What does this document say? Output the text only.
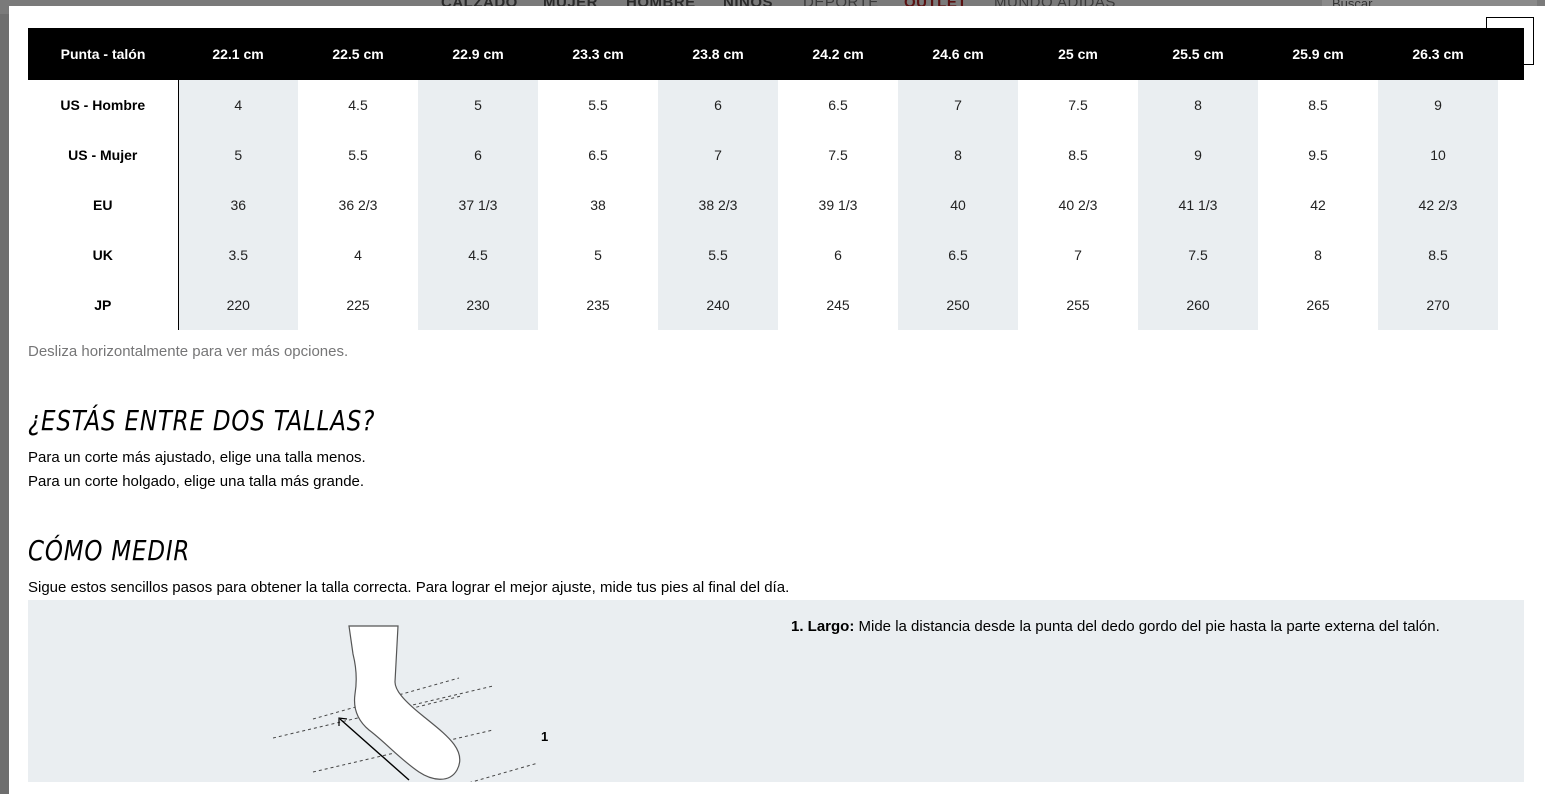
Punta - talón	22.1 cm	22.5 cm	22.9 cm	23.3 cm	23.8 cm	24.2 cm	24.6 cm	25 cm	25.5 cm	25.9 cm	26.3 cm	
US - Hombre	4	4.5	5	5.5	6	6.5	7	7.5	8	8.5	9	
US - Mujer	5	5.5	6	6.5	7	7.5	8	8.5	9	9.5	10	
EU	36	36 2/3	37 1/3	38	38 2/3	39 1/3	40	40 2/3	41 1/3	42	42 2/3	
UK	3.5	4	4.5	5	5.5	6	6.5	7	7.5	8	8.5	
JP	220	225	230	235	240	245	250	255	260	265	270	
Desliza horizontalmente para ver más opciones.
¿ESTÁS ENTRE DOS TALLAS?
Para un corte más ajustado, elige una talla menos.
Para un corte holgado, elige una talla más grande.
CÓMO MEDIR
Sigue estos sencillos pasos para obtener la talla correcta. Para lograr el mejor ajuste, mide tus pies al final del día.
1
1. Largo: Mide la distancia desde la punta del dedo gordo del pie hasta la parte externa del talón.
